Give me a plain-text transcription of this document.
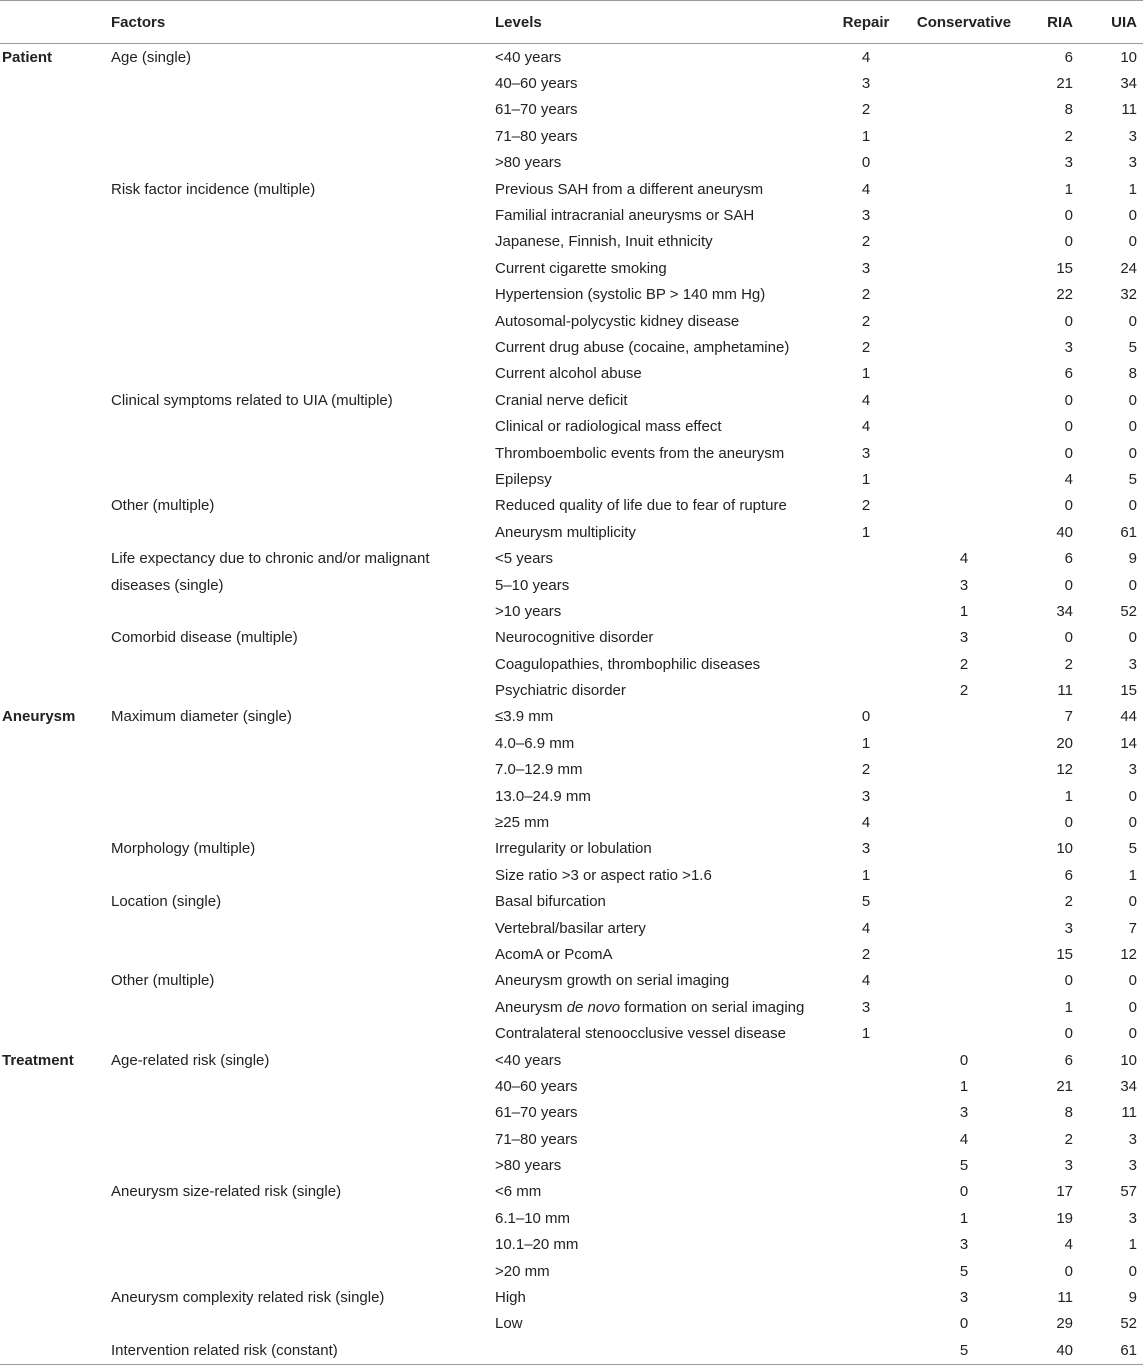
	Factors	Levels	Repair	Conservative	RIA	UIA
Patient	Age (single)	<40 years	4		6	10
		40–60 years	3		21	34
		61–70 years	2		8	11
		71–80 years	1		2	3
		>80 years	0		3	3
	Risk factor incidence (multiple)	Previous SAH from a different aneurysm	4		1	1
		Familial intracranial aneurysms or SAH	3		0	0
		Japanese, Finnish, Inuit ethnicity	2		0	0
		Current cigarette smoking	3		15	24
		Hypertension (systolic BP > 140 mm Hg)	2		22	32
		Autosomal-polycystic kidney disease	2		0	0
		Current drug abuse (cocaine, amphetamine)	2		3	5
		Current alcohol abuse	1		6	8
	Clinical symptoms related to UIA (multiple)	Cranial nerve deficit	4		0	0
		Clinical or radiological mass effect	4		0	0
		Thromboembolic events from the aneurysm	3		0	0
		Epilepsy	1		4	5
	Other (multiple)	Reduced quality of life due to fear of rupture	2		0	0
		Aneurysm multiplicity	1		40	61
	Life expectancy due to chronic and/or malignant	<5 years		4	6	9
	diseases (single)	5–10 years		3	0	0
		>10 years		1	34	52
	Comorbid disease (multiple)	Neurocognitive disorder		3	0	0
		Coagulopathies, thrombophilic diseases		2	2	3
		Psychiatric disorder		2	11	15
Aneurysm	Maximum diameter (single)	≤3.9 mm	0		7	44
		4.0–6.9 mm	1		20	14
		7.0–12.9 mm	2		12	3
		13.0–24.9 mm	3		1	0
		≥25 mm	4		0	0
	Morphology (multiple)	Irregularity or lobulation	3		10	5
		Size ratio >3 or aspect ratio >1.6	1		6	1
	Location (single)	Basal bifurcation	5		2	0
		Vertebral/basilar artery	4		3	7
		AcomA or PcomA	2		15	12
	Other (multiple)	Aneurysm growth on serial imaging	4		0	0
		Aneurysm de novo formation on serial imaging	3		1	0
		Contralateral stenoocclusive vessel disease	1		0	0
Treatment	Age-related risk (single)	<40 years		0	6	10
		40–60 years		1	21	34
		61–70 years		3	8	11
		71–80 years		4	2	3
		>80 years		5	3	3
	Aneurysm size-related risk (single)	<6 mm		0	17	57
		6.1–10 mm		1	19	3
		10.1–20 mm		3	4	1
		>20 mm		5	0	0
	Aneurysm complexity related risk (single)	High		3	11	9
		Low		0	29	52
	Intervention related risk (constant)			5	40	61
